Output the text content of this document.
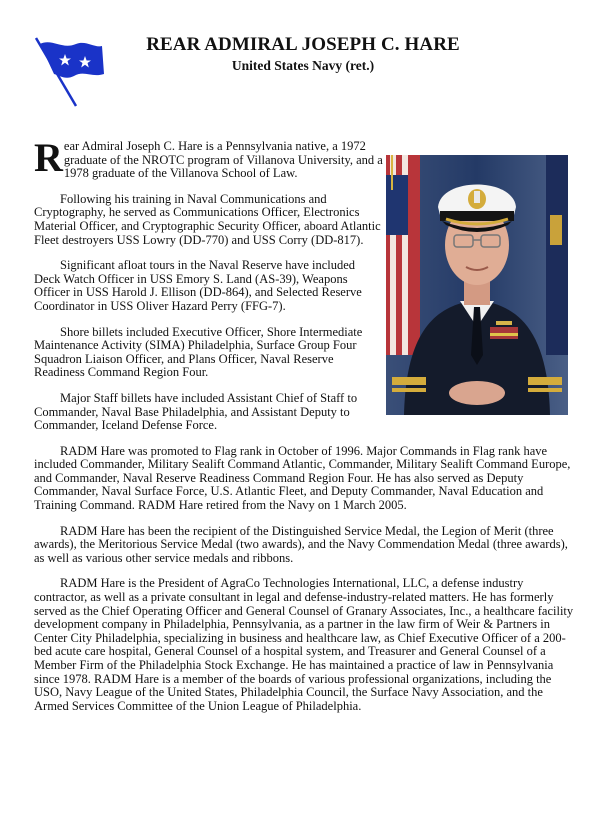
REAR ADMIRAL JOSEPH C. HARE
United States Navy (ret.)

Rear Admiral Joseph C. Hare is a Pennsylvania native, a 1972 graduate of the NROTC program of Villanova University, and a 1978 graduate of the Villanova School of Law.

Following his training in Naval Communications and Cryptography, he served as Communications Officer, Electronics Material Officer, and Cryptographic Security Officer, aboard Atlantic Fleet destroyers USS Lowry (DD-770) and USS Corry (DD-817).

Significant afloat tours in the Naval Reserve have included Deck Watch Officer in USS Emory S. Land (AS-39), Weapons Officer in USS Harold J. Ellison (DD-864), and Selected Reserve Coordinator in USS Oliver Hazard Perry (FFG-7).

Shore billets included Executive Officer, Shore Intermediate Maintenance Activity (SIMA) Philadelphia, Surface Group Four Squadron Liaison Officer, and Plans Officer, Naval Reserve Readiness Command Region Four.

Major Staff billets have included Assistant Chief of Staff to Commander, Naval Base Philadelphia, and Assistant Deputy to Commander, Iceland Defense Force.

RADM Hare was promoted to Flag rank in October of 1996. Major Commands in Flag rank have included Commander, Military Sealift Command Atlantic, Commander, Military Sealift Command Europe, and Commander, Naval Reserve Readiness Command Region Four. He has also served as Deputy Commander, Naval Surface Force, U.S. Atlantic Fleet, and Deputy Commander, Naval Education and Training Command. RADM Hare retired from the Navy on 1 March 2005.

RADM Hare has been the recipient of the Distinguished Service Medal, the Legion of Merit (three awards), the Meritorious Service Medal (two awards), and the Navy Commendation Medal (three awards), as well as various other service medals and ribbons.

RADM Hare is the President of AgraCo Technologies International, LLC, a defense industry contractor, as well as a private consultant in legal and defense-industry-related matters. He has formerly served as the Chief Operating Officer and General Counsel of Granary Associates, Inc., a healthcare facility development company in Philadelphia, Pennsylvania, as a partner in the law firm of Weir & Partners in Center City Philadelphia, specializing in business and healthcare law, as Chief Executive Officer of a 200-bed acute care hospital, General Counsel of a hospital system, and Treasurer and General Counsel of a Member Firm of the Philadelphia Stock Exchange. He has maintained a practice of law in Pennsylvania since 1978. RADM Hare is a member of the boards of various professional organizations, including the USO, Navy League of the United States, Philadelphia Council, the Surface Navy Association, and the Armed Services Committee of the Union League of Philadelphia.
